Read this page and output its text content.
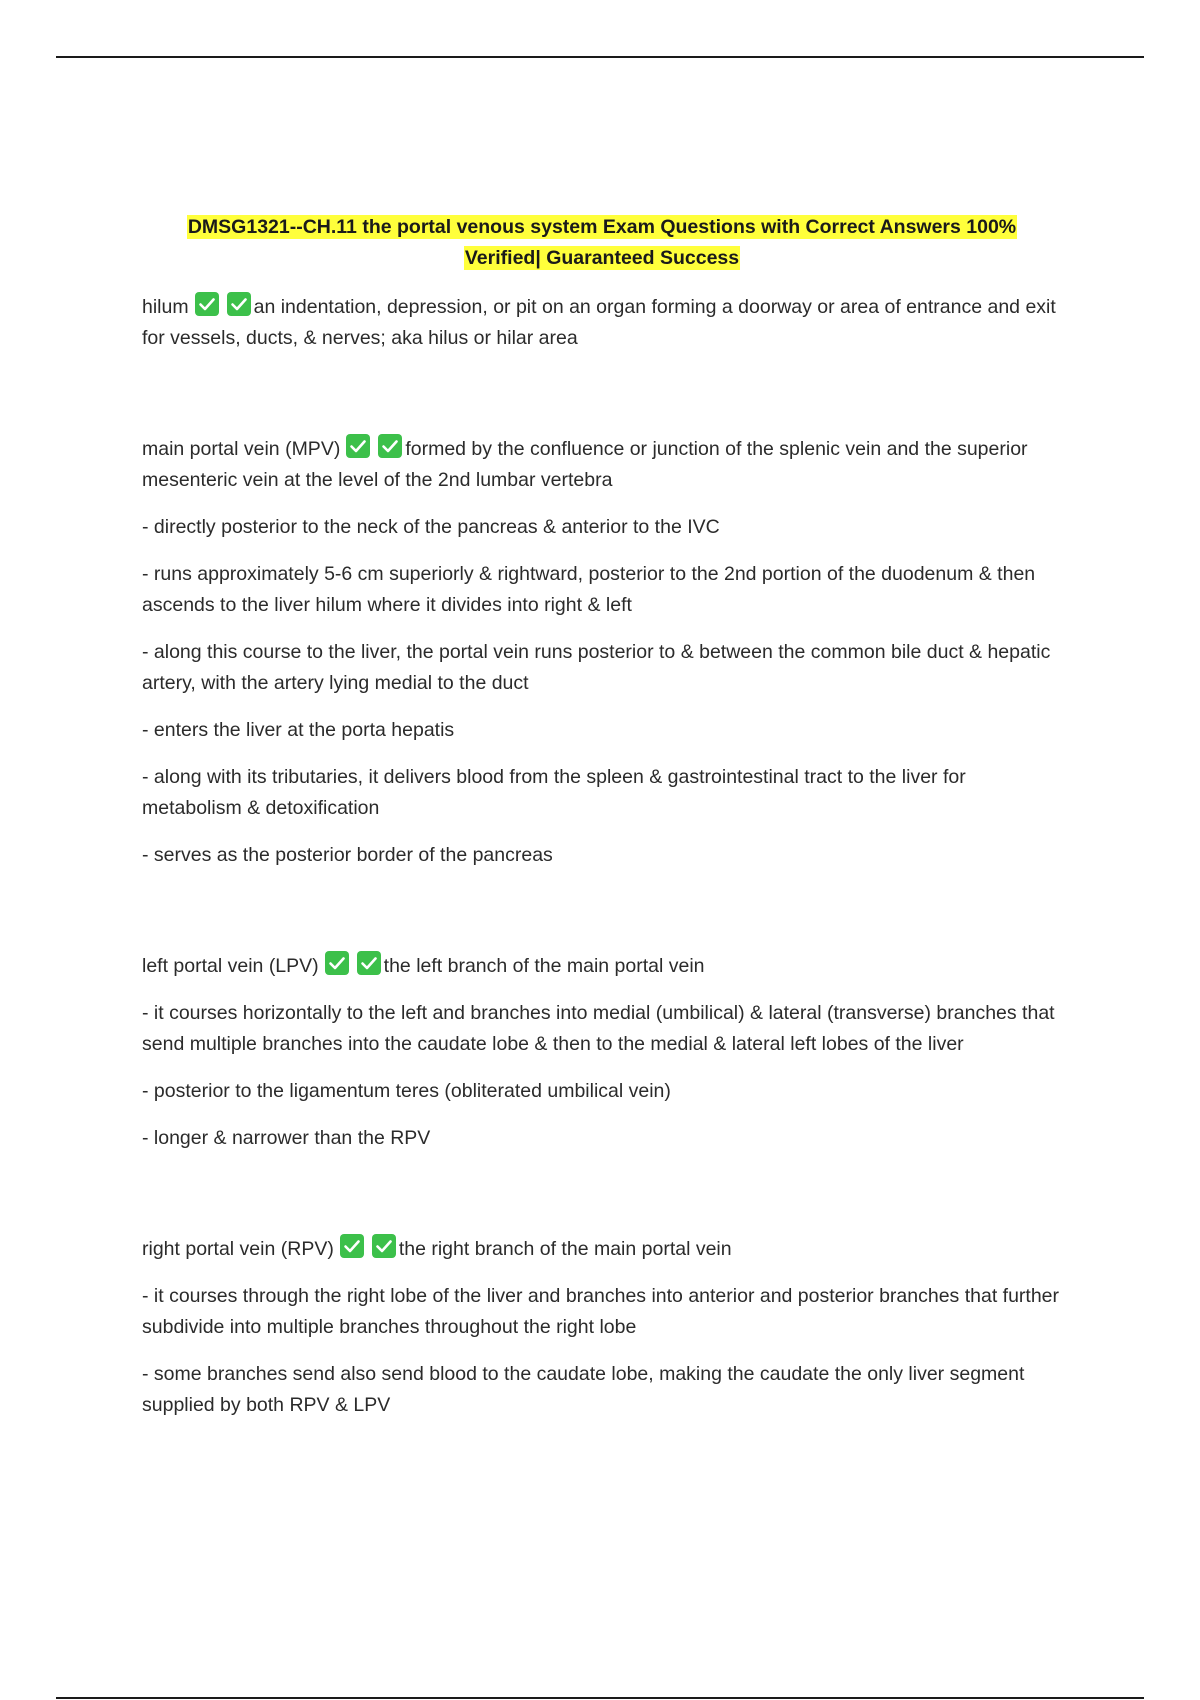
DMSG1321--CH.11 the portal venous system Exam Questions with Correct Answers 100%
Verified| Guaranteed Success
hilum	an indentation, depression, or pit on an organ forming a doorway or area of entrance and exit for vessels, ducts, & nerves; aka hilus or hilar area
main portal vein (MPV)	formed by the confluence or junction of the splenic vein and the superior mesenteric vein at the level of the 2nd lumbar vertebra
- directly posterior to the neck of the pancreas & anterior to the IVC
- runs approximately 5-6 cm superiorly & rightward, posterior to the 2nd portion of the duodenum & then ascends to the liver hilum where it divides into right & left
- along this course to the liver, the portal vein runs posterior to & between the common bile duct & hepatic artery, with the artery lying medial to the duct
- enters the liver at the porta hepatis
- along with its tributaries, it delivers blood from the spleen & gastrointestinal tract to the liver for metabolism & detoxification
- serves as the posterior border of the pancreas
left portal vein (LPV)	the left branch of the main portal vein
- it courses horizontally to the left and branches into medial (umbilical) & lateral (transverse) branches that send multiple branches into the caudate lobe & then to the medial & lateral left lobes of the liver
- posterior to the ligamentum teres (obliterated umbilical vein)
- longer & narrower than the RPV
right portal vein (RPV)	the right branch of the main portal vein
- it courses through the right lobe of the liver and branches into anterior and posterior branches that further subdivide into multiple branches throughout the right lobe
- some branches send also send blood to the caudate lobe, making the caudate the only liver segment supplied by both RPV & LPV
